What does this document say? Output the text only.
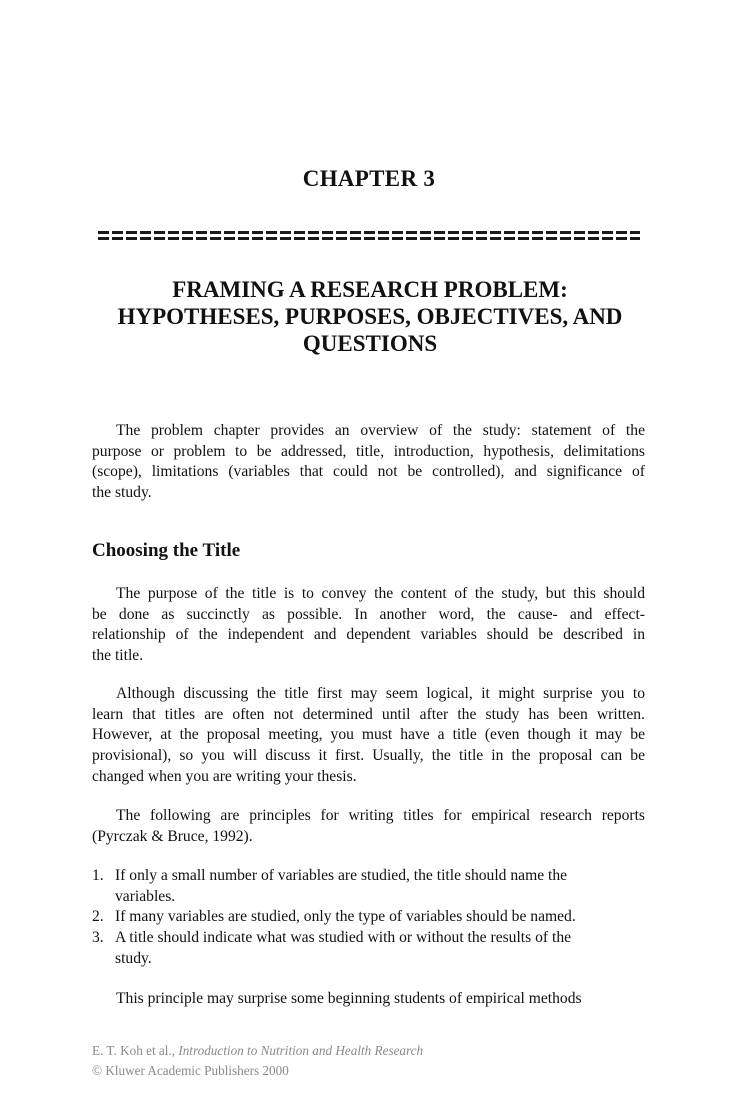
CHAPTER 3
FRAMING A RESEARCH PROBLEM:
HYPOTHESES, PURPOSES, OBJECTIVES, AND
QUESTIONS
The problem chapter provides an overview of the study: statement of the
purpose or problem to be addressed, title, introduction, hypothesis, delimitations
(scope), limitations (variables that could not be controlled), and significance of
the study.
Choosing the Title
The purpose of the title is to convey the content of the study, but this should
be done as succinctly as possible. In another word, the cause- and effect-
relationship of the independent and dependent variables should be described in
the title.
Although discussing the title first may seem logical, it might surprise you to
learn that titles are often not determined until after the study has been written.
However, at the proposal meeting, you must have a title (even though it may be
provisional), so you will discuss it first. Usually, the title in the proposal can be
changed when you are writing your thesis.
The following are principles for writing titles for empirical research reports
(Pyrczak & Bruce, 1992).
1. If only a small number of variables are studied, the title should name the
variables.
2. If many variables are studied, only the type of variables should be named.
3. A title should indicate what was studied with or without the results of the
study.
This principle may surprise some beginning students of empirical methods
E. T. Koh et al., Introduction to Nutrition and Health Research
© Kluwer Academic Publishers 2000
